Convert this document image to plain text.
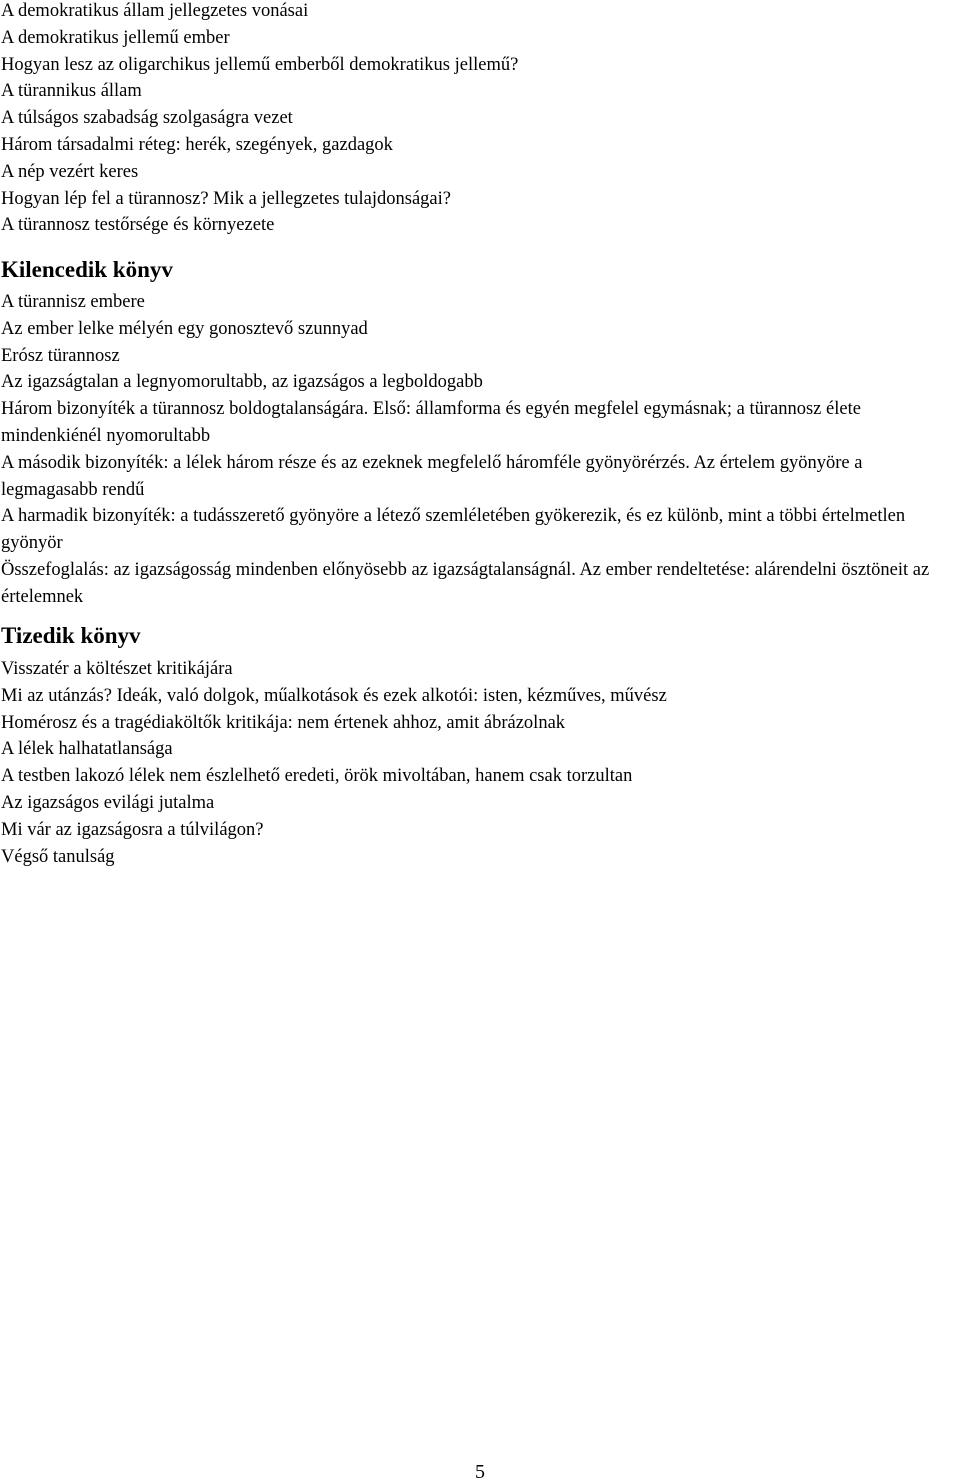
A demokratikus állam jellegzetes vonásai

A demokratikus jellemű ember

Hogyan lesz az oligarchikus jellemű emberből demokratikus jellemű?

A türannikus állam

A túlságos szabadság szolgaságra vezet

Három társadalmi réteg: herék, szegények, gazdagok

A nép vezért keres

Hogyan lép fel a türannosz? Mik a jellegzetes tulajdonságai?

A türannosz testőrsége és környezete

Kilencedik könyv

A türannisz embere

Az ember lelke mélyén egy gonosztevő szunnyad

Erósz türannosz

Az igazságtalan a legnyomorultabb, az igazságos a legboldogabb

Három bizonyíték a türannosz boldogtalanságára. Első: államforma és egyén megfelel egymásnak; a türannosz élete mindenkiénél nyomorultabb

A második bizonyíték: a lélek három része és az ezeknek megfelelő háromféle gyönyörérzés. Az értelem gyönyöre a legmagasabb rendű

A harmadik bizonyíték: a tudásszerető gyönyöre a létező szemléletében gyökerezik, és ez különb, mint a többi értelmetlen gyönyör

Összefoglalás: az igazságosság mindenben előnyösebb az igazságtalanságnál. Az ember rendeltetése: alárendelni ösztöneit az értelemnek

Tizedik könyv

Visszatér a költészet kritikájára

Mi az utánzás? Ideák, való dolgok, műalkotások és ezek alkotói: isten, kézműves, művész

Homérosz és a tragédiaköltők kritikája: nem értenek ahhoz, amit ábrázolnak

A lélek halhatatlansága

A testben lakozó lélek nem észlelhető eredeti, örök mivoltában, hanem csak torzultan

Az igazságos evilági jutalma

Mi vár az igazságosra a túlvilágon?

Végső tanulság

5
